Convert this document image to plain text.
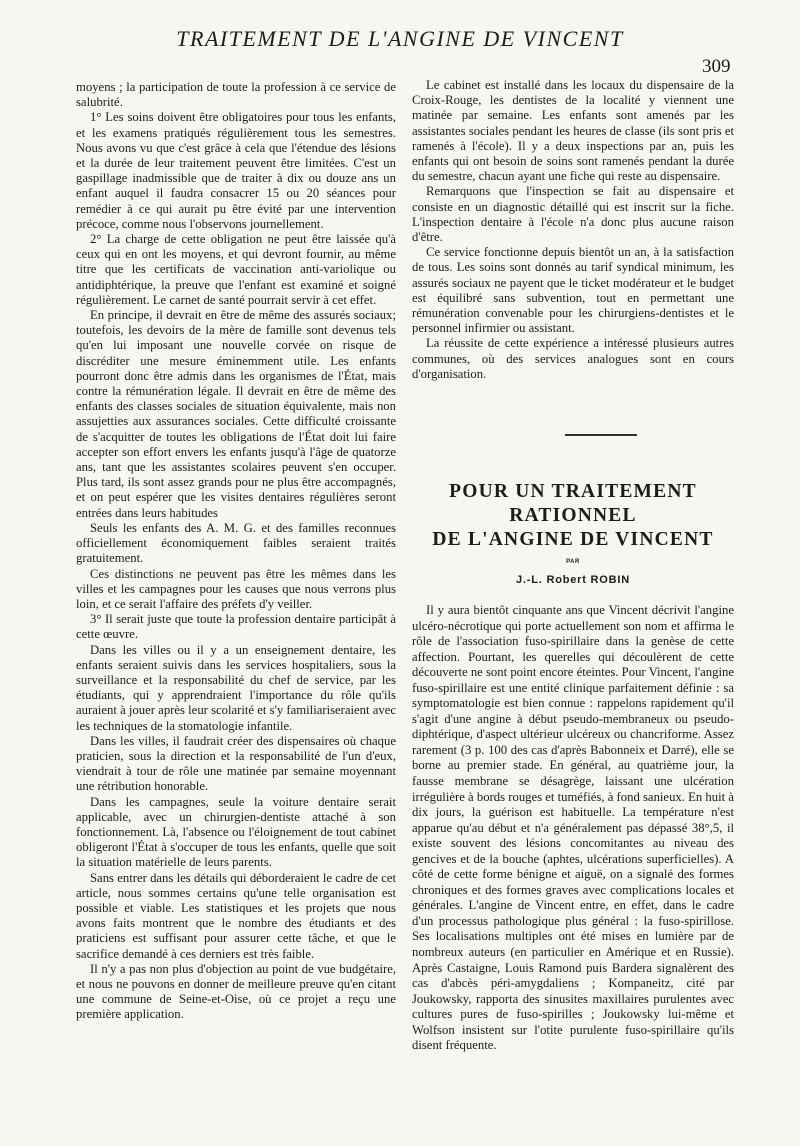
TRAITEMENT DE L'ANGINE DE VINCENT
309

moyens ; la participation de toute la profession à ce service de salubrité.

1° Les soins doivent être obligatoires pour tous les enfants, et les examens pratiqués régulièrement tous les semestres. Nous avons vu que c'est grâce à cela que l'étendue des lésions et la durée de leur traitement peuvent être limitées. C'est un gaspillage inadmissible que de traiter à dix ou douze ans un enfant auquel il faudra consacrer 15 ou 20 séances pour remédier à ce qui aurait pu être évité par une intervention précoce, comme nous l'observons journellement.

2° La charge de cette obligation ne peut être laissée qu'à ceux qui en ont les moyens, et qui devront fournir, au même titre que les certificats de vaccination anti-variolique ou antidiphtérique, la preuve que l'enfant est examiné et soigné régulièrement. Le carnet de santé pourrait servir à cet effet.

En principe, il devrait en être de même des assurés sociaux; toutefois, les devoirs de la mère de famille sont devenus tels qu'en lui imposant une nouvelle corvée on risque de discréditer une mesure éminemment utile. Les enfants pourront donc être admis dans les organismes de l'État, mais contre la rémunération légale. Il devrait en être de même des enfants des classes sociales de situation équivalente, mais non assujetties aux assurances sociales. Cette difficulté croissante de s'acquitter de toutes les obligations de l'État doit lui faire accepter son effort envers les enfants jusqu'à l'âge de quatorze ans, tant que les assistantes scolaires peuvent s'en occuper. Plus tard, ils sont assez grands pour ne plus être accompagnés, et on peut espérer que les visites dentaires régulières seront entrées dans leurs habitudes

Seuls les enfants des A. M. G. et des familles reconnues officiellement économiquement faibles seraient traités gratuitement.

Ces distinctions ne peuvent pas être les mêmes dans les villes et les campagnes pour les causes que nous verrons plus loin, et ce serait l'affaire des préfets d'y veiller.

3° Il serait juste que toute la profession dentaire participât à cette œuvre.

Dans les villes ou il y a un enseignement dentaire, les enfants seraient suivis dans les services hospitaliers, sous la surveillance et la responsabilité du chef de service, par les étudiants, qui y apprendraient l'importance du rôle qu'ils auraient à jouer après leur scolarité et s'y familiariseraient avec les techniques de la stomatologie infantile.

Dans les villes, il faudrait créer des dispensaires où chaque praticien, sous la direction et la responsabilité de l'un d'eux, viendrait à tour de rôle une matinée par semaine moyennant une rétribution honorable.

Dans les campagnes, seule la voiture dentaire serait applicable, avec un chirurgien-dentiste attaché à son fonctionnement. Là, l'absence ou l'éloignement de tout cabinet obligeront l'État à s'occuper de tous les enfants, quelle que soit la situation matérielle de leurs parents.

Sans entrer dans les détails qui déborderaient le cadre de cet article, nous sommes certains qu'une telle organisation est possible et viable. Les statistiques et les projets que nous avons faits montrent que le nombre des étudiants et des praticiens est suffisant pour assurer cette tâche, et que le sacrifice demandé à ces derniers est très faible.

Il n'y a pas non plus d'objection au point de vue budgétaire, et nous ne pouvons en donner de meilleure preuve qu'en citant une commune de Seine-et-Oise, où ce projet a reçu une première application.

Le cabinet est installé dans les locaux du dispensaire de la Croix-Rouge, les dentistes de la localité y viennent une matinée par semaine. Les enfants sont amenés par les assistantes sociales pendant les heures de classe (ils sont pris et ramenés à l'école). Il y a deux inspections par an, puis les enfants qui ont besoin de soins sont ramenés pendant la durée du semestre, chacun ayant une fiche qui reste au dispensaire.

Remarquons que l'inspection se fait au dispensaire et consiste en un diagnostic détaillé qui est inscrit sur la fiche. L'inspection dentaire à l'école n'a donc plus aucune raison d'être.

Ce service fonctionne depuis bientôt un an, à la satisfaction de tous. Les soins sont donnés au tarif syndical minimum, les assurés sociaux ne payent que le ticket modérateur et le budget est équilibré sans subvention, tout en permettant une rémunération convenable pour les chirurgiens-dentistes et le personnel infirmier ou assistant.

La réussite de cette expérience a intéressé plusieurs autres communes, où des services analogues sont en cours d'organisation.

POUR UN TRAITEMENT
RATIONNEL
DE L'ANGINE DE VINCENT
PAR
J.-L. Robert ROBIN

Il y aura bientôt cinquante ans que Vincent décrivit l'angine ulcéro-nécrotique qui porte actuellement son nom et affirma le rôle de l'association fuso-spirillaire dans la genèse de cette affection. Pourtant, les querelles qui découlèrent de cette découverte ne sont point encore éteintes. Pour Vincent, l'angine fuso-spirillaire est une entité clinique parfaitement définie : sa symptomatologie est bien connue : rappelons rapidement qu'il s'agit d'une angine à début pseudo-membraneux ou pseudo-diphtérique, d'aspect ultérieur ulcéreux ou chancriforme. Assez rarement (3 p. 100 des cas d'après Babonneix et Darré), elle se borne au premier stade. En général, au quatrième jour, la fausse membrane se désagrège, laissant une ulcération irrégulière à bords rouges et tuméfiés, à fond sanieux. En huit à dix jours, la guérison est habituelle. La température n'est apparue qu'au début et n'a généralement pas dépassé 38°,5, il existe souvent des lésions concomitantes au niveau des gencives et de la bouche (aphtes, ulcérations superficielles). A côté de cette forme bénigne et aiguë, on a signalé des formes chroniques et des formes graves avec complications locales et générales. L'angine de Vincent entre, en effet, dans le cadre d'un processus pathologique plus général : la fuso-spirillose. Ses localisations multiples ont été mises en lumière par de nombreux auteurs (en particulier en Amérique et en Russie). Après Castaigne, Louis Ramond puis Bardera signalèrent des cas d'abcès péri-amygdaliens ; Kompaneitz, cité par Joukowsky, rapporta des sinusites maxillaires purulentes avec cultures pures de fuso-spirilles ; Joukowsky lui-même et Wolfson insistent sur l'otite purulente fuso-spirillaire qu'ils disent fréquente.
